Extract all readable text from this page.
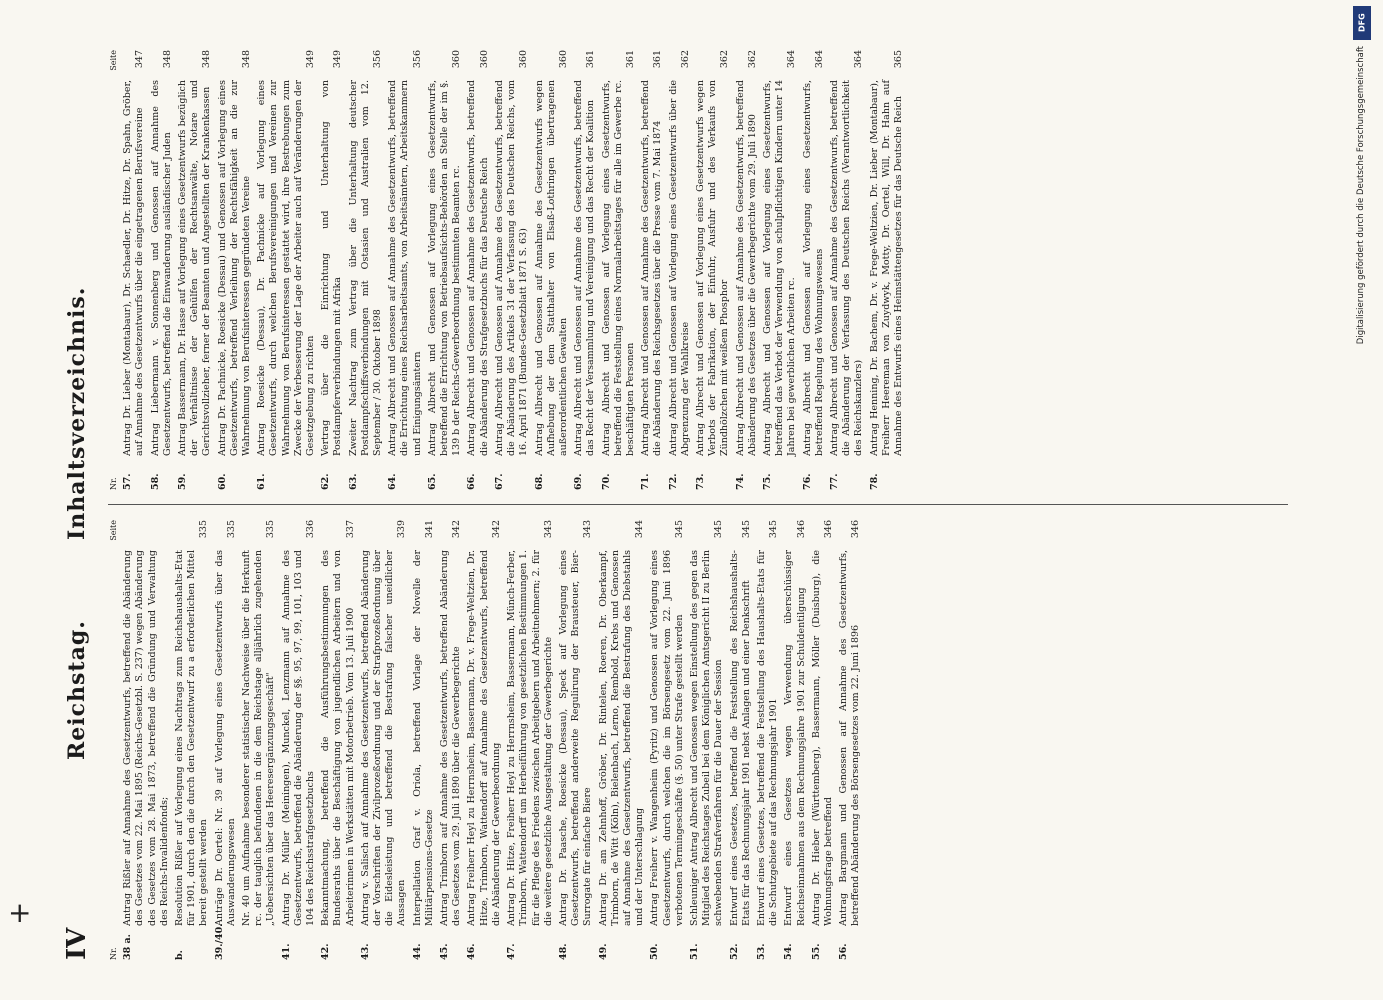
IV
Reichstag.
Inhaltsverzeichnis.
Nr.
Seite
38 a.
Antrag Rißler auf Annahme des Gesetzentwurfs, betreffend die Abänderung des Gesetzes vom 22. Mai 1895 (Reichs-Gesetzbl. S. 237) wegen Abänderung des Gesetzes vom 28. Mai 1873, betreffend die Gründung und Verwaltung des Reichs-Invalidenfonds;
b.
Resolution Rißler auf Vorlegung eines Nachtrags zum Reichshaushalts-Etat für 1901, durch den die durch den Gesetzentwurf zu a erforderlichen Mittel bereit gestellt werden
335
39./40.
Anträge Dr. Oertel: Nr. 39 auf Vorlegung eines Gesetzentwurfs über das Auswanderungswesen
335
Nr. 40 um Aufnahme besonderer statistischer Nachweise über die Herkunft rc. der tauglich befundenen in die dem Reichstage alljährlich zugehenden „Uebersichten über das Heeresergänzungsgeschäft"
335
41.
Antrag Dr. Müller (Meiningen), Munckel, Lenzmann auf Annahme des Gesetzentwurfs, betreffend die Abänderung der §§. 95, 97, 99, 101, 103 und 104 des Reichsstrafgesetzbuchs
336
42.
Bekanntmachung, betreffend die Ausführungsbestimmungen des Bundesraths über die Beschäftigung von jugendlichen Arbeitern und von Arbeiterinnen in Werkstätten mit Motorbetrieb. Vom 13. Juli 1900
337
43.
Antrag v. Salisch auf Annahme des Gesetzentwurfs, betreffend Abänderung der Vorschriften der Zivilprozeßordnung und der Strafprozeßordnung über die Eidesleistung und betreffend die Bestrafung falscher uneidlicher Aussagen
339
44.
Interpellation Graf v. Oriola, betreffend Vorlage der Novelle der Militärpensions-Gesetze
341
45.
Antrag Trimborn auf Annahme des Gesetzentwurfs, betreffend Abänderung des Gesetzes vom 29. Juli 1890 über die Gewerbegerichte
342
46.
Antrag Freiherr Heyl zu Herrnsheim, Bassermann, Dr. v. Frege-Weltzien, Dr. Hitze, Trimborn, Wattendorff auf Annahme des Gesetzentwurfs, betreffend die Abänderung der Gewerbeordnung
342
47.
Antrag Dr. Hitze, Freiherr Heyl zu Herrnsheim, Bassermann, Münch-Ferber, Trimborn, Wattendorff um Herbeiführung von gesetzlichen Bestimmungen 1. für die Pflege des Friedens zwischen Arbeitgebern und Arbeitnehmern; 2. für die weitere gesetzliche Ausgestaltung der Gewerbegerichte
343
48.
Antrag Dr. Paasche, Roesicke (Dessau), Speck auf Vorlegung eines Gesetzentwurfs, betreffend anderweite Regulirung der Brausteuer, Bier-Surrogate für einfache Biere
343
49.
Antrag Dr. am Zehnhoff, Gröber, Dr. Rintelen, Roeren, Dr. Oberkampf, Trimborn, de Witt (Köln), Bielenbach, Lerno, Rembold, Krebs und Genossen auf Annahme des Gesetzentwurfs, betreffend die Bestrafung des Diebstahls und der Unterschlagung
344
50.
Antrag Freiherr v. Wangenheim (Pyritz) und Genossen auf Vorlegung eines Gesetzentwurfs, durch welchen die im Börsengesetz vom 22. Juni 1896 verbotenen Termingeschäfte (§. 50) unter Strafe gestellt werden
345
51.
Schleuniger Antrag Albrecht und Genossen wegen Einstellung des gegen das Mitglied des Reichstages Zubeil bei dem Königlichen Amtsgericht II zu Berlin schwebenden Strafverfahren für die Dauer der Session
345
52.
Entwurf eines Gesetzes, betreffend die Feststellung des Reichshaushalts-Etats für das Rechnungsjahr 1901 nebst Anlagen und einer Denkschrift
345
53.
Entwurf eines Gesetzes, betreffend die Feststellung des Haushalts-Etats für die Schutzgebiete auf das Rechnungsjahr 1901
345
54.
Entwurf eines Gesetzes wegen Verwendung überschüssiger Reichseinnahmen aus dem Rechnungsjahre 1901 zur Schuldentilgung
346
55.
Antrag Dr. Hieber (Württemberg), Bassermann, Möller (Duisburg), die Wohnungsfrage betreffend
346
56.
Antrag Bargmann und Genossen auf Annahme des Gesetzentwurfs, betreffend Abänderung des Börsengesetzes vom 22. Juni 1896
346
Nr.
Seite
57.
Antrag Dr. Lieber (Montabaur), Dr. Schaedler, Dr. Hitze, Dr. Spahn, Gröber, auf Annahme des Gesetzentwurfs über die eingetragenen Berufsvereine
347
58.
Antrag Liebermann v. Sonnenberg und Genossen auf Annahme des Gesetzentwurfs, betreffend die Einwanderung ausländischer Juden
348
59.
Antrag Bassermann, Dr. Hasse auf Vorlegung eines Gesetzentwurfs bezüglich der Verhältnisse der Gehülfen der Rechtsanwälte, Notare und Gerichtsvollzieher, ferner der Beamten und Angestellten der Krankenkassen
348
60.
Antrag Dr. Pachnicke, Roesicke (Dessau) und Genossen auf Vorlegung eines Gesetzentwurfs, betreffend Verleihung der Rechtsfähigkeit an die zur Wahrnehmung von Berufsinteressen gegründeten Vereine
348
61.
Antrag Roesicke (Dessau), Dr. Pachnicke auf Vorlegung eines Gesetzentwurfs, durch welchen Berufsvereinigungen und Vereinen zur Wahrnehmung von Berufsinteressen gestattet wird, ihre Bestrebungen zum Zwecke der Verbesserung der Lage der Arbeiter auch auf Veränderungen der Gesetzgebung zu richten
349
62.
Vertrag über die Einrichtung und Unterhaltung von Postdampferverbindungen mit Afrika
349
63.
Zweiter Nachtrag zum Vertrag über die Unterhaltung deutscher Postdampfschiffsverbindungen mit Ostasien und Australien vom 12. September / 30. Oktober 1898
356
64.
Antrag Albrecht und Genossen auf Annahme des Gesetzentwurfs, betreffend die Errichtung eines Reichsarbeitsamts, von Arbeitsämtern, Arbeitskammern und Einigungsämtern
356
65.
Antrag Albrecht und Genossen auf Vorlegung eines Gesetzentwurfs, betreffend die Errichtung von Betriebsaufsichts-Behörden an Stelle der im §. 139 b der Reichs-Gewerbeordnung bestimmten Beamten rc.
360
66.
Antrag Albrecht und Genossen auf Annahme des Gesetzentwurfs, betreffend die Abänderung des Strafgesetzbuchs für das Deutsche Reich
360
67.
Antrag Albrecht und Genossen auf Annahme des Gesetzentwurfs, betreffend die Abänderung des Artikels 31 der Verfassung des Deutschen Reichs, vom 16. April 1871 (Bundes-Gesetzblatt 1871 S. 63)
360
68.
Antrag Albrecht und Genossen auf Annahme des Gesetzentwurfs wegen Aufhebung der dem Statthalter von Elsaß-Lothringen übertragenen außerordentlichen Gewalten
360
69.
Antrag Albrecht und Genossen auf Annahme des Gesetzentwurfs, betreffend das Recht der Versammlung und Vereinigung und das Recht der Koalition
361
70.
Antrag Albrecht und Genossen auf Vorlegung eines Gesetzentwurfs, betreffend die Feststellung eines Normalarbeitstages für alle im Gewerbe rc. beschäftigten Personen
361
71.
Antrag Albrecht und Genossen auf Annahme des Gesetzentwurfs, betreffend die Abänderung des Reichsgesetzes über die Presse vom 7. Mai 1874
361
72.
Antrag Albrecht und Genossen auf Vorlegung eines Gesetzentwurfs über die Abgrenzung der Wahlkreise
362
73.
Antrag Albrecht und Genossen auf Vorlegung eines Gesetzentwurfs wegen Verbots der Fabrikation, der Einfuhr, Ausfuhr und des Verkaufs von Zündhölzchen mit weißem Phosphor
362
74.
Antrag Albrecht und Genossen auf Annahme des Gesetzentwurfs, betreffend Abänderung des Gesetzes über die Gewerbegerichte vom 29. Juli 1890
362
75.
Antrag Albrecht und Genossen auf Vorlegung eines Gesetzentwurfs, betreffend das Verbot der Verwendung von schulpflichtigen Kindern unter 14 Jahren bei gewerblichen Arbeiten rc.
364
76.
Antrag Albrecht und Genossen auf Vorlegung eines Gesetzentwurfs, betreffend Regelung des Wohnungswesens
364
77.
Antrag Albrecht und Genossen auf Annahme des Gesetzentwurfs, betreffend die Abänderung der Verfassung des Deutschen Reichs (Verantwortlichkeit des Reichskanzlers)
364
78.
Antrag Henning, Dr. Bachem, Dr. v. Frege-Weltzien, Dr. Lieber (Montabaur), Freiherr Heereman von Zuydwyk, Motty, Dr. Oertel, Will, Dr. Hahn auf Annahme des Entwurfs eines Heimstättengesetzes für das Deutsche Reich
365
+
DFG
Digitalisierung gefördert durch die Deutsche Forschungsgemeinschaft
